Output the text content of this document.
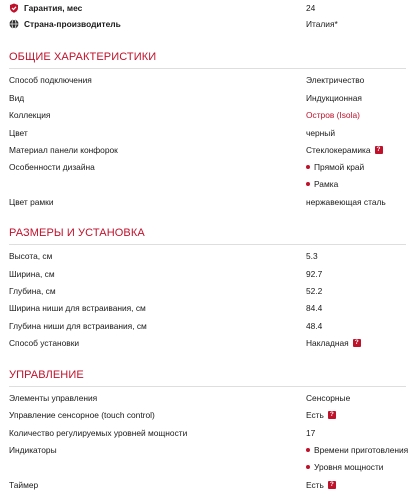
Гарантия, мес	24
Страна-производитель	Италия*
ОБЩИЕ ХАРАКТЕРИСТИКИ
Способ подключения	Электричество
Вид	Индукционная
Коллекция	Остров (Isola)
Цвет	черный
Материал панели конфорок	Стеклокерамика ?
Особенности дизайна	Прямой край
Рамка
Цвет рамки	нержавеющая сталь
РАЗМЕРЫ И УСТАНОВКА
Высота, см	5.3
Ширина, см	92.7
Глубина, см	52.2
Ширина ниши для встраивания, см	84.4
Глубина ниши для встраивания, см	48.4
Способ установки	Накладная ?
УПРАВЛЕНИЕ
Элементы управления	Сенсорные
Управление сенсорное (touch control)	Есть ?
Количество регулируемых уровней мощности	17
Индикаторы	Времени приготовления
Уровня мощности
Таймер	Есть ?
